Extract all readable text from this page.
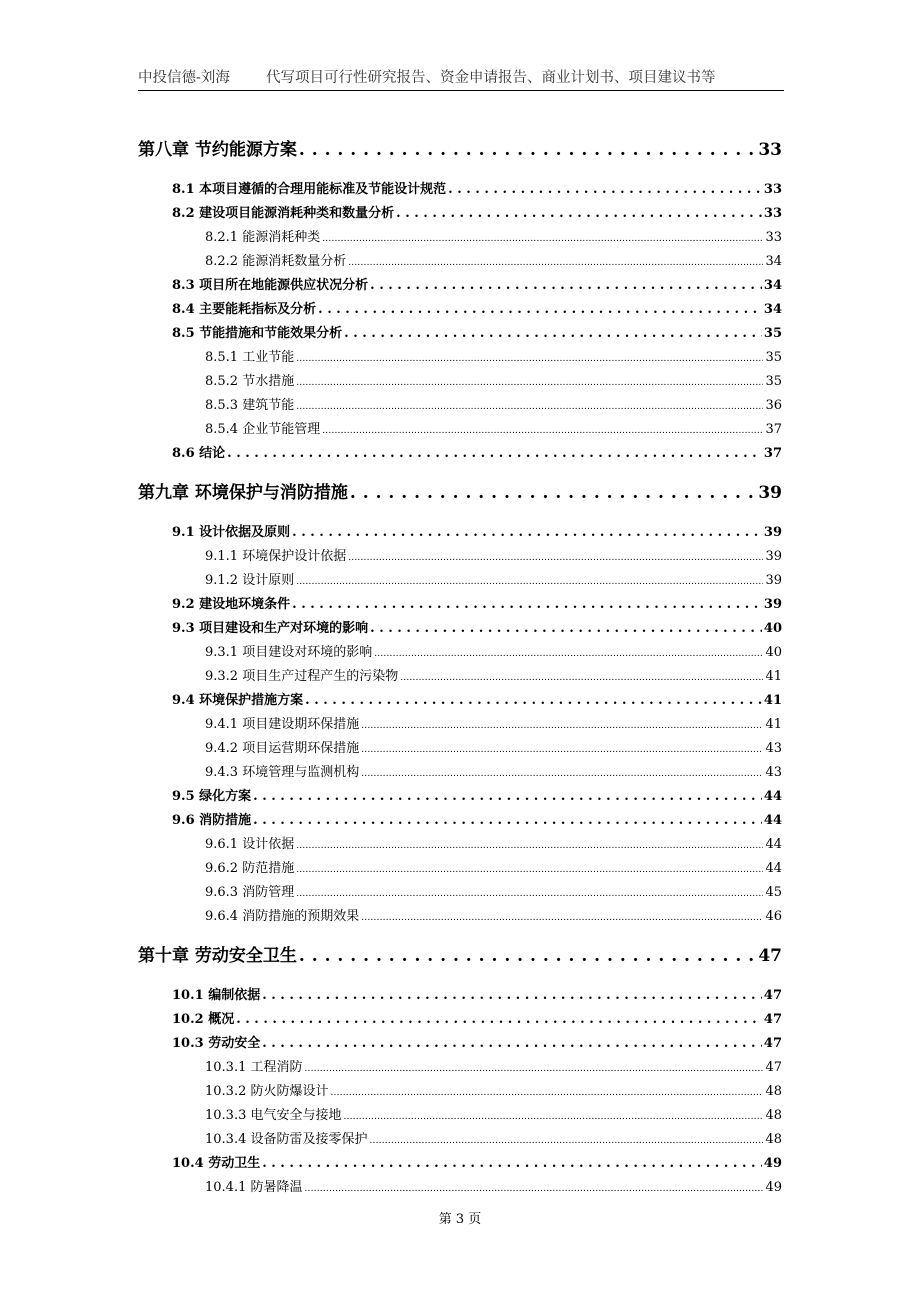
中投信德-刘海 代写项目可行性研究报告、资金申请报告、商业计划书、项目建议书等
第八章 节约能源方案 . . .	33
8.1 本项目遵循的合理用能标准及节能设计规范 . . .	33
8.2 建设项目能源消耗种类和数量分析 . . .	33
8.2.1 能源消耗种类 .....	33
8.2.2 能源消耗数量分析 .....	34
8.3 项目所在地能源供应状况分析 . . .	34
8.4 主要能耗指标及分析 . . .	34
8.5 节能措施和节能效果分析 . . .	35
8.5.1 工业节能 .....	35
8.5.2 节水措施 .....	35
8.5.3 建筑节能 .....	36
8.5.4 企业节能管理 .....	37
8.6 结论 . . .	37
第九章 环境保护与消防措施 . . .	39
9.1 设计依据及原则 . . .	39
9.1.1 环境保护设计依据 .....	39
9.1.2 设计原则 .....	39
9.2 建设地环境条件 . . .	39
9.3 项目建设和生产对环境的影响 . . .	40
9.3.1 项目建设对环境的影响 .....	40
9.3.2 项目生产过程产生的污染物 .....	41
9.4 环境保护措施方案 . . .	41
9.4.1 项目建设期环保措施 .....	41
9.4.2 项目运营期环保措施 .....	43
9.4.3 环境管理与监测机构 .....	43
9.5 绿化方案 . . .	44
9.6 消防措施 . . .	44
9.6.1 设计依据 .....	44
9.6.2 防范措施 .....	44
9.6.3 消防管理 .....	45
9.6.4 消防措施的预期效果 .....	46
第十章 劳动安全卫生 . . .	47
10.1 编制依据 . . .	47
10.2 概况 . . .	47
10.3 劳动安全 . . .	47
10.3.1 工程消防 .....	47
10.3.2 防火防爆设计 .....	48
10.3.3 电气安全与接地 .....	48
10.3.4 设备防雷及接零保护 .....	48
10.4 劳动卫生 . . .	49
10.4.1 防暑降温 .....	49
第 3 页
